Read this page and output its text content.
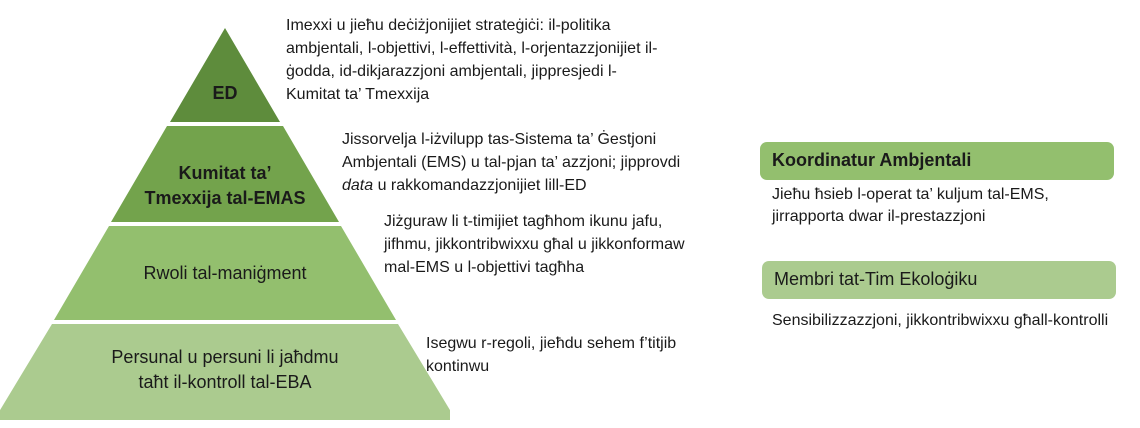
ED
Kumitat ta’
Tmexxija tal-EMAS
Rwoli tal-maniġment
Persunal u persuni li jaħdmu
taħt il-kontroll tal-EBA
Imexxi u jieħu deċiżjonijiet strateġiċi: il-politika ambjentali, l-objettivi, l-effettività, l-orjentazzjonijiet il-ġodda, id-dikjarazzjoni ambjentali, jippresjedi l-Kumitat ta’ Tmexxija
Jissorvelja l-iżvilupp tas-Sistema ta’ Ġestjoni Ambjentali (EMS) u tal-pjan ta’ azzjoni; jipprovdi data u rakkomandazzjonijiet lill-ED
Jiżguraw li t-timijiet tagħhom ikunu jafu, jifhmu, jikkontribwixxu għal u jikkonformaw mal-EMS u l-objettivi tagħha
Isegwu r-regoli, jieħdu sehem f’titjib kontinwu
Koordinatur Ambjentali
Jieħu ħsieb l-operat ta’ kuljum tal-EMS, jirrapporta dwar il-prestazzjoni
Membri tat-Tim Ekoloġiku
Sensibilizzazzjoni, jikkontribwixxu għall-kontrolli
